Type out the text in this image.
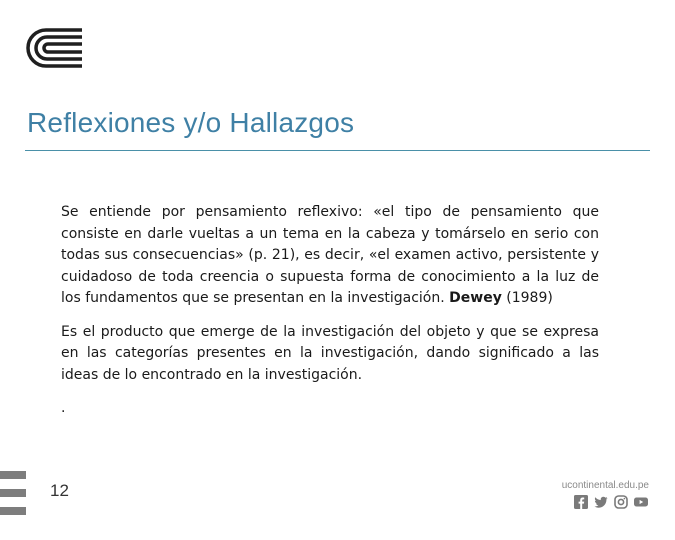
Reflexiones y/o Hallazgos

Se entiende por pensamiento reflexivo: «el tipo de pensamiento que consiste en darle vueltas a un tema en la cabeza y tomárselo en serio con todas sus consecuencias» (p. 21), es decir, «el examen activo, persistente y cuidadoso de toda creencia o supuesta forma de conocimiento a la luz de los fundamentos que se presentan en la investigación. Dewey (1989)

Es el producto que emerge de la investigación del objeto y que se expresa en las categorías presentes en la investigación, dando significado a las ideas de lo encontrado en la investigación.

.

12	ucontinental.edu.pe
